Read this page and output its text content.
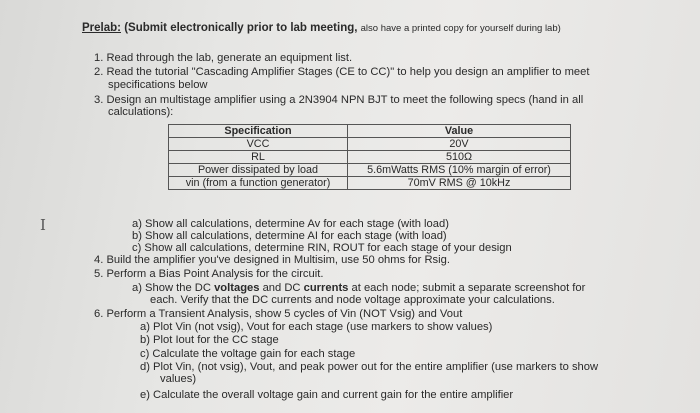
I
Prelab: (Submit electronically prior to lab meeting, also have a printed copy for yourself during lab)
1. Read through the lab, generate an equipment list.
2. Read the tutorial "Cascading Amplifier Stages (CE to CC)" to help you design an amplifier to meet
specifications below
3. Design an multistage amplifier using a 2N3904 NPN BJT to meet the following specs (hand in all
calculations):
Specification	Value
VCC	20V
RL	510Ω
Power dissipated by load	5.6mWatts RMS (10% margin of error)
vin (from a function generator)	70mV RMS @ 10kHz
a) Show all calculations, determine Av for each stage (with load)
b) Show all calculations, determine AI for each stage (with load)
c) Show all calculations, determine RIN, ROUT for each stage of your design
4. Build the amplifier you've designed in Multisim, use 50 ohms for Rsig.
5. Perform a Bias Point Analysis for the circuit.
a) Show the DC voltages and DC currents at each node; submit a separate screenshot for
each. Verify that the DC currents and node voltage approximate your calculations.
6. Perform a Transient Analysis, show 5 cycles of Vin (NOT Vsig) and Vout
a) Plot Vin (not vsig), Vout for each stage (use markers to show values)
b) Plot Iout for the CC stage
c) Calculate the voltage gain for each stage
d) Plot Vin, (not vsig), Vout, and peak power out for the entire amplifier (use markers to show
values)
e) Calculate the overall voltage gain and current gain for the entire amplifier
